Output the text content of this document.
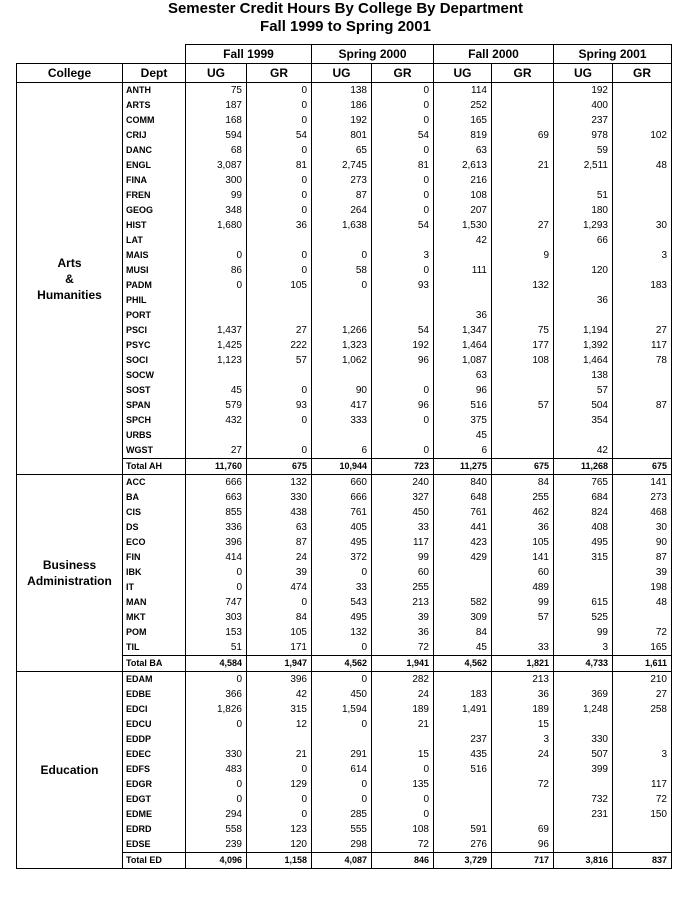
Semester Credit Hours By College By Department
Fall 1999 to Spring 2001
		Fall 1999		Spring 2000		Fall 2000		Spring 2001	
College	Dept	UG	GR	UG	GR	UG	GR	UG	GR

Arts
&
Humanities	ANTH	75	0	138	0	114		192	
	ARTS	187	0	186	0	252		400	
	COMM	168	0	192	0	165		237	
	CRIJ	594	54	801	54	819	69	978	102
	DANC	68	0	65	0	63		59	
	ENGL	3,087	81	2,745	81	2,613	21	2,511	48
	FINA	300	0	273	0	216			
	FREN	99	0	87	0	108		51	
	GEOG	348	0	264	0	207		180	
	HIST	1,680	36	1,638	54	1,530	27	1,293	30
	LAT					42		66	
	MAIS	0	0	0	3		9		3
	MUSI	86	0	58	0	111		120	
	PADM	0	105	0	93		132		183
	PHIL							36	
	PORT					36			
	PSCI	1,437	27	1,266	54	1,347	75	1,194	27
	PSYC	1,425	222	1,323	192	1,464	177	1,392	117
	SOCI	1,123	57	1,062	96	1,087	108	1,464	78
	SOCW					63		138	
	SOST	45	0	90	0	96		57	
	SPAN	579	93	417	96	516	57	504	87
	SPCH	432	0	333	0	375		354	
	URBS					45			
	WGST	27	0	6	0	6		42	
	Total AH	11,760	675	10,944	723	11,275	675	11,268	675

Business
Administration	ACC	666	132	660	240	840	84	765	141
	BA	663	330	666	327	648	255	684	273
	CIS	855	438	761	450	761	462	824	468
	DS	336	63	405	33	441	36	408	30
	ECO	396	87	495	117	423	105	495	90
	FIN	414	24	372	99	429	141	315	87
	IBK	0	39	0	60		60		39
	IT	0	474	33	255		489		198
	MAN	747	0	543	213	582	99	615	48
	MKT	303	84	495	39	309	57	525	
	POM	153	105	132	36	84		99	72
	TIL	51	171	0	72	45	33	3	165
	Total BA	4,584	1,947	4,562	1,941	4,562	1,821	4,733	1,611

Education	EDAM	0	396	0	282		213		210
	EDBE	366	42	450	24	183	36	369	27
	EDCI	1,826	315	1,594	189	1,491	189	1,248	258
	EDCU	0	12	0	21		15		
	EDDP					237	3	330	
	EDEC	330	21	291	15	435	24	507	3
	EDFS	483	0	614	0	516		399	
	EDGR	0	129	0	135		72		117
	EDGT	0	0	0	0			732	72
	EDME	294	0	285	0			231	150
	EDRD	558	123	555	108	591	69		
	EDSE	239	120	298	72	276	96		
	Total ED	4,096	1,158	4,087	846	3,729	717	3,816	837
